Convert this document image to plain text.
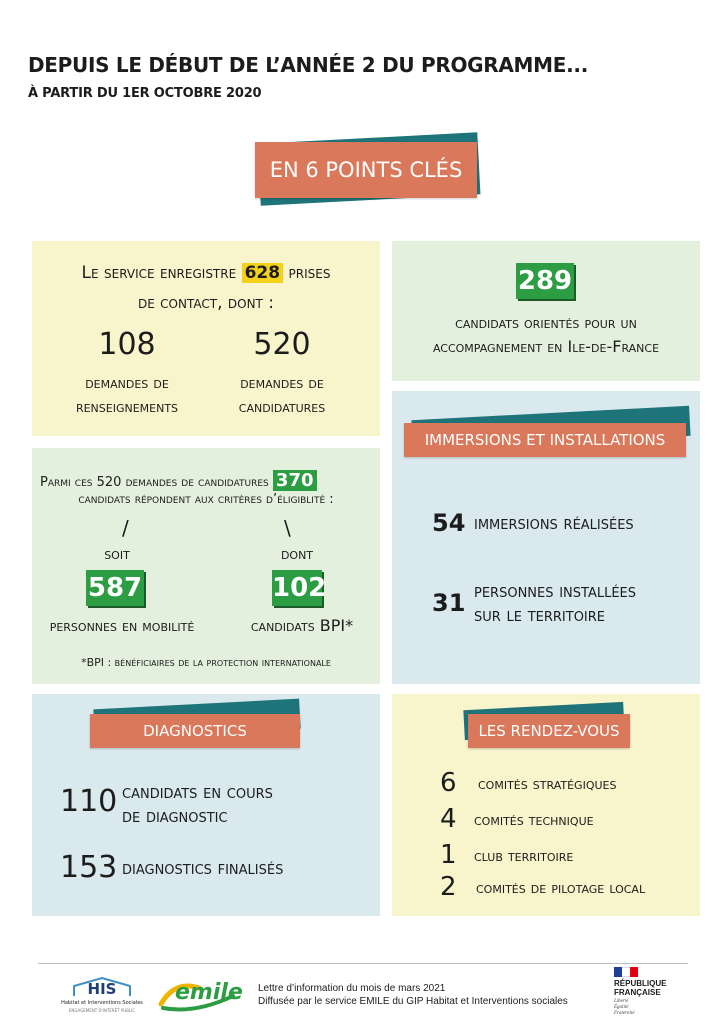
DEPUIS LE DÉBUT DE L’ANNÉE 2 DU PROGRAMME...
À PARTIR DU 1ER OCTOBRE 2020
EN 6 POINTS CLÉS
Le service enregistre 628 prises
de contact, dont :
108
demandes de
renseignements
520
demandes de
candidatures
289
candidats orientés pour un
accompagnement en Ile-de-France
Parmi ces 520 demandes de candidatures 370
candidats répondent aux critères d’éligiblité :
/	\
soit	dont
587	102
personnes en mobilité	candidats BPI*
*BPI : bénéficiaires de la protection internationale
IMMERSIONS ET INSTALLATIONS
54 immersions réalisées
31 personnes installées
sur le territoire
DIAGNOSTICS
110 candidats en cours
de diagnostic
153 diagnostics finalisés
LES RENDEZ-VOUS
6 comités stratégiques
4 comités technique
1 club territoire
2 comités de pilotage local
HIS
Habitat et Interventions Sociales
ENGAGEMENT D'INTÉRÊT PUBLIC
emile Lettre d’information du mois de mars 2021
Diffusée par le service EMILE du GIP Habitat et Interventions sociales
RÉPUBLIQUE
FRANÇAISE
Liberté
Égalité
Fraternité
